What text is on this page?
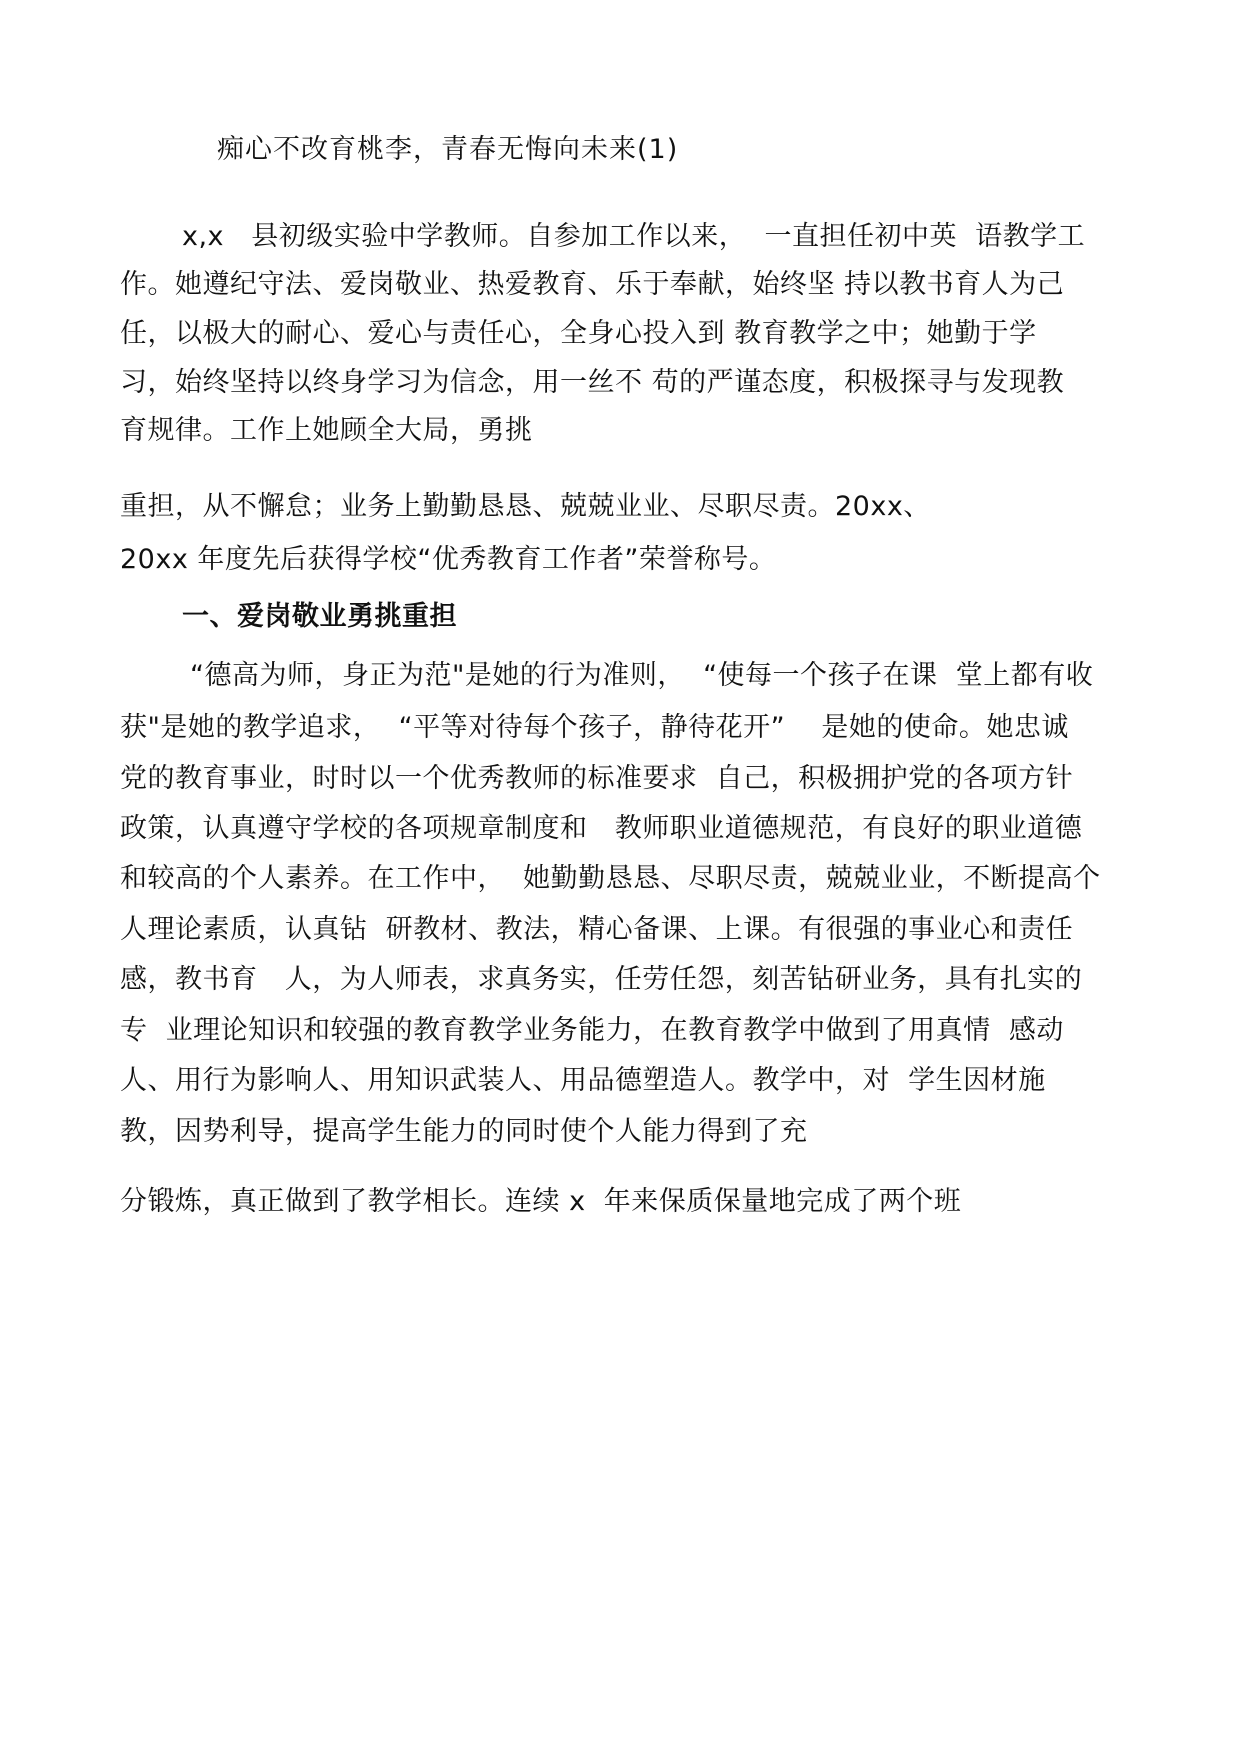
痴心不改育桃李，青春无悔向未来(1)
x,x   县初级实验中学教师。自参加工作以来，  一直担任初中英  语教学工
作。她遵纪守法、爱岗敬业、热爱教育、乐于奉献，始终坚 持以教书育人为己
任，以极大的耐心、爱心与责任心，全身心投入到 教育教学之中；她勤于学
习，始终坚持以终身学习为信念，用一丝不 苟的严谨态度，积极探寻与发现教
育规律。工作上她顾全大局，勇挑
重担，从不懈怠；业务上勤勤恳恳、兢兢业业、尽职尽责。20xx、
20xx 年度先后获得学校“优秀教育工作者”荣誉称号。
一、爱岗敬业勇挑重担
“德高为师，身正为范"是她的行为准则，  “使每一个孩子在课  堂上都有收
获"是她的教学追求，  “平等对待每个孩子，静待花开”    是她的使命。她忠诚
党的教育事业，时时以一个优秀教师的标准要求  自己，积极拥护党的各项方针
政策，认真遵守学校的各项规章制度和   教师职业道德规范，有良好的职业道德
和较高的个人素养。在工作中，  她勤勤恳恳、尽职尽责，兢兢业业，不断提高个
人理论素质，认真钻  研教材、教法，精心备课、上课。有很强的事业心和责任
感，教书育   人，为人师表，求真务实，任劳任怨，刻苦钻研业务，具有扎实的
专  业理论知识和较强的教育教学业务能力，在教育教学中做到了用真情  感动
人、用行为影响人、用知识武装人、用品德塑造人。教学中，对  学生因材施
教，因势利导，提高学生能力的同时使个人能力得到了充
分锻炼，真正做到了教学相长。连续 x  年来保质保量地完成了两个班
